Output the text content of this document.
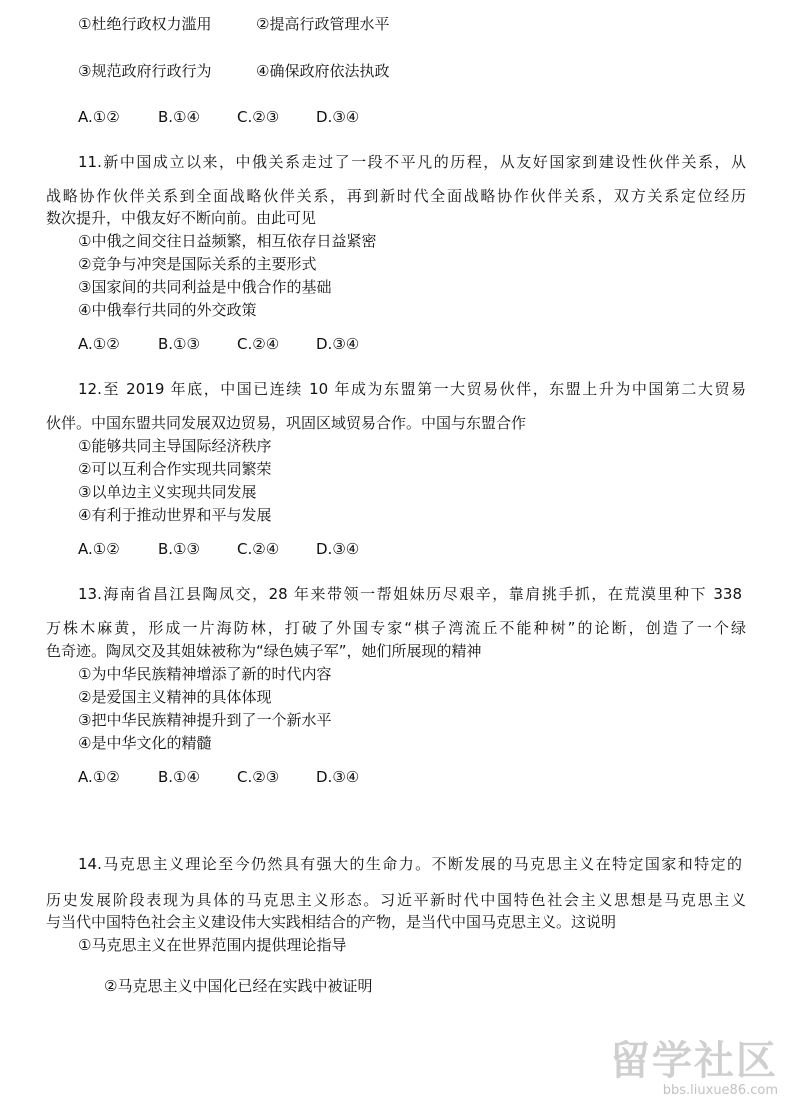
①杜绝行政权力滥用	②提高行政管理水平
③规范政府行政行为	④确保政府依法执政
A.①②	B.①④ C.②③ D.③④
11.新中国成立以来，中俄关系走过了一段不平凡的历程，从友好国家到建设性伙伴关系，从
战略协作伙伴关系到全面战略伙伴关系，再到新时代全面战略协作伙伴关系，双方关系定位经历
数次提升，中俄友好不断向前。由此可见
①中俄之间交往日益频繁，相互依存日益紧密
②竞争与冲突是国际关系的主要形式
③国家间的共同利益是中俄合作的基础
④中俄奉行共同的外交政策
A.①②	B.①③ C.②④ D.③④
12.至 2019 年底，中国已连续 10 年成为东盟第一大贸易伙伴，东盟上升为中国第二大贸易
伙伴。中国东盟共同发展双边贸易，巩固区域贸易合作。中国与东盟合作
①能够共同主导国际经济秩序
②可以互利合作实现共同繁荣
③以单边主义实现共同发展
④有利于推动世界和平与发展
A.①②	B.①③ C.②④ D.③④
13.海南省昌江县陶凤交，28 年来带领一帮姐妹历尽艰辛，靠肩挑手抓，在荒漠里种下 338
万株木麻黄，形成一片海防林，打破了外国专家“棋子湾流丘不能种树”的论断，创造了一个绿
色奇迹。陶凤交及其姐妹被称为“绿色姨子军”，她们所展现的精神
①为中华民族精神增添了新的时代内容
②是爱国主义精神的具体体现
③把中华民族精神提升到了一个新水平
④是中华文化的精髓
A.①②	B.①④ C.②③ D.③④
14.马克思主义理论至今仍然具有强大的生命力。不断发展的马克思主义在特定国家和特定的
历史发展阶段表现为具体的马克思主义形态。习近平新时代中国特色社会主义思想是马克思主义
与当代中国特色社会主义建设伟大实践相结合的产物，是当代中国马克思主义。这说明
①马克思主义在世界范围内提供理论指导
②马克思主义中国化已经在实践中被证明
留学社区
bbs.liuxue86.com
